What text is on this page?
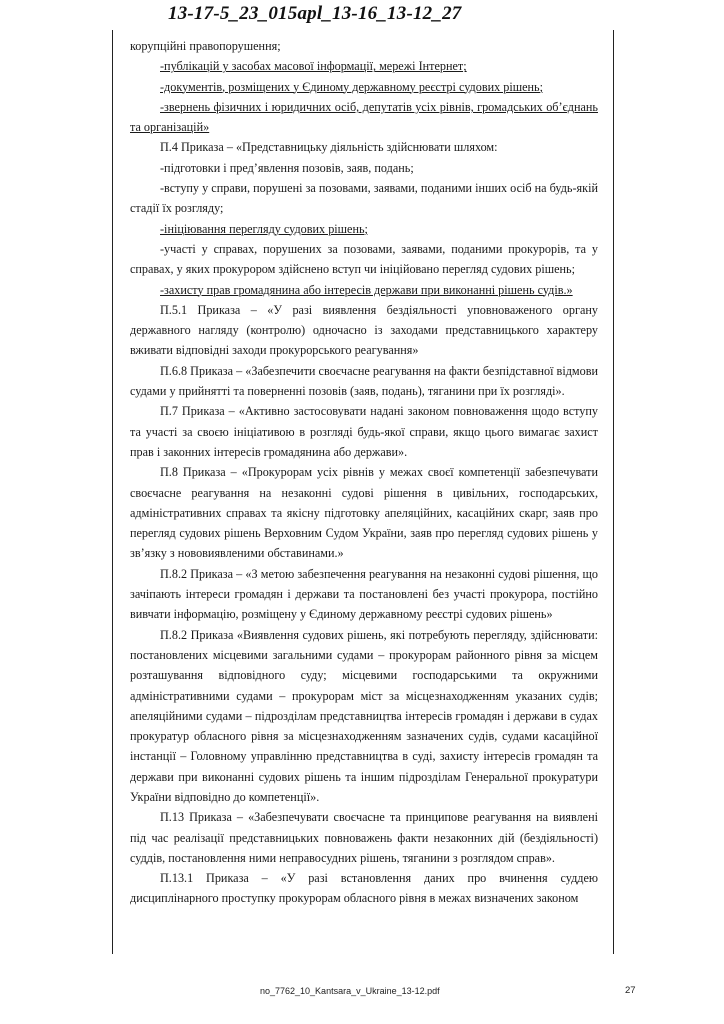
13-17-5_23_015apl_13-16_13-12_27

корупційні правопорушення;

-публікацій у засобах масової інформації, мережі Інтернет;

-документів, розміщених у Єдиному державному реєстрі судових рішень;

-звернень фізичних і юридичних осіб, депутатів усіх рівнів, громадських об’єднань та організацій»

П.4 Приказа – «Представницьку діяльність здійснювати шляхом:

-підготовки і пред’явлення позовів, заяв, подань;

-вступу у справи, порушені за позовами, заявами, поданими інших осіб на будь-якій стадії їх розгляду;

-ініціювання перегляду судових рішень;

-участі у справах, порушених за позовами, заявами, поданими прокурорів, та у справах, у яких прокурором здійснено вступ чи ініційовано перегляд судових рішень;

-захисту прав громадянина або інтересів держави при виконанні рішень судів.»

П.5.1 Приказа – «У разі виявлення бездіяльності уповноваженого органу державного нагляду (контролю) одночасно із заходами представницького характеру вживати відповідні заходи прокурорського реагування»

П.6.8 Приказа – «Забезпечити своєчасне реагування на факти безпідставної відмови судами у прийнятті та поверненні позовів (заяв, подань), тяганини при їх розгляді».

П.7 Приказа – «Активно застосовувати надані законом повноваження щодо вступу та участі за своєю ініціативою в розгляді будь-якої справи, якщо цього вимагає захист прав і законних інтересів громадянина або держави».

П.8 Приказа – «Прокурорам усіх рівнів у межах своєї компетенції забезпечувати своєчасне реагування на незаконні судові рішення в цивільних, господарських, адміністративних справах та якісну підготовку апеляційних, касаційних скарг, заяв про перегляд судових рішень Верховним Судом України, заяв про перегляд судових рішень у зв’язку з нововиявленими обставинами.»

П.8.2 Приказа – «З метою забезпечення реагування на незаконні судові рішення, що зачіпають інтереси громадян і держави та постановлені без участі прокурора, постійно вивчати інформацію, розміщену у Єдиному державному реєстрі судових рішень»

П.8.2 Приказа «Виявлення судових рішень, які потребують перегляду, здійснювати: постановлених місцевими загальними судами – прокурорам районного рівня за місцем розташування відповідного суду; місцевими господарськими та окружними адміністративними судами – прокурорам міст за місцезнаходженням указаних судів; апеляційними судами – підрозділам представництва інтересів громадян і держави в судах прокуратур обласного рівня за місцезнаходженням зазначених судів, судами касаційної інстанції – Головному управлінню представництва в суді, захисту інтересів громадян та держави при виконанні судових рішень та іншим підрозділам Генеральної прокуратури України відповідно до компетенції».

П.13 Приказа – «Забезпечувати своєчасне та принципове реагування на виявлені під час реалізації представницьких повноважень факти незаконних дій (бездіяльності) суддів, постановлення ними неправосудних рішень, тяганини з розглядом справ».

П.13.1 Приказа – «У разі встановлення даних про вчинення суддею дисциплінарного проступку прокурорам обласного рівня в межах визначених законом

no_7762_10_Kantsara_v_Ukraine_13-12.pdf	27
